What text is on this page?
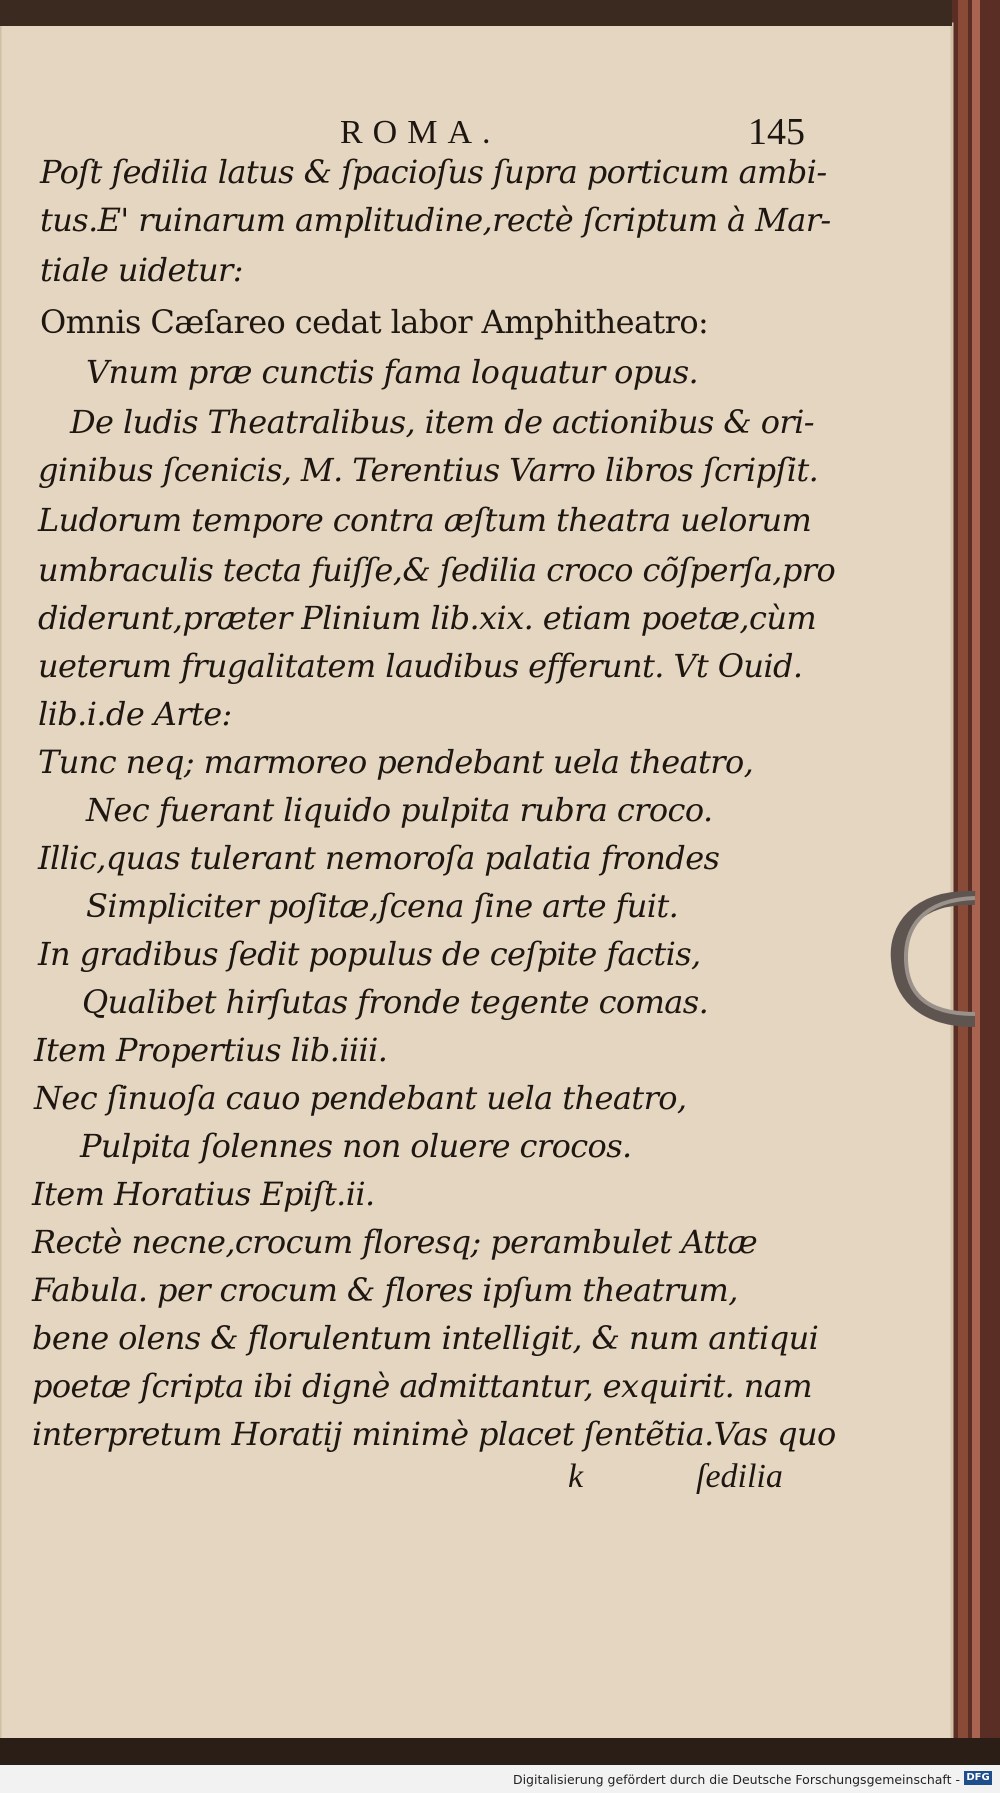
ROMA.	145
Poſt ſedilia latus & ſpacioſus ſupra porticum ambi-
tus.E' ruinarum amplitudine,rectè ſcriptum à Mar-
tiale uidetur:
Omnis Cæſareo cedat labor Amphitheatro:
Vnum præ cunctis fama loquatur opus.
De ludis Theatralibus, item de actionibus & ori-
ginibus ſcenicis, M. Terentius Varro libros ſcripſit.
Ludorum tempore contra æſtum theatra uelorum
umbraculis tecta fuiſſe,& ſedilia croco cõſperſa,pro
diderunt,præter Plinium lib.xix. etiam poetæ,cùm
ueterum frugalitatem laudibus efferunt. Vt Ouid.
lib.i.de Arte:
Tunc neq; marmoreo pendebant uela theatro,
Nec fuerant liquido pulpita rubra croco.
Illic,quas tulerant nemoroſa palatia frondes
Simpliciter poſitæ,ſcena ſine arte fuit.
In gradibus ſedit populus de ceſpite factis,
Qualibet hirſutas fronde tegente comas.
Item Propertius lib.iiii.
Nec ſinuoſa cauo pendebant uela theatro,
Pulpita ſolennes non oluere crocos.
Item Horatius Epiſt.ii.
Rectè necne,crocum floresq; perambulet Attæ
Fabula. per crocum & flores ipſum theatrum,
bene olens & florulentum intelligit, & num antiqui
poetæ ſcripta ibi dignè admittantur, exquirit. nam
interpretum Horatij minimè placet ſentẽtia.Vas quo
k	ſedilia
Digitalisierung gefördert durch die Deutsche Forschungsgemeinschaft - DFG
